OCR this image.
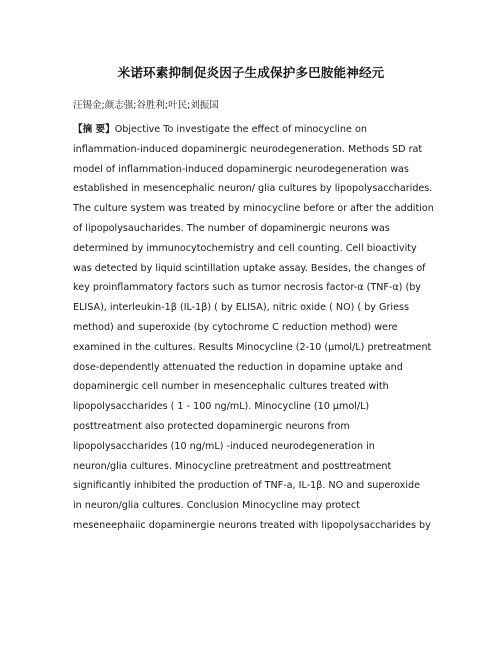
米诺环素抑制促炎因子生成保护多巴胺能神经元
汪锡金;颜志强;谷胜利;叶民;刘振国
【摘 要】Objective To investigate the effect of minocycline on
inflammation-induced dopaminergic neurodegeneration. Methods SD rat
model of inflammation-induced dopaminergic neurodegeneration was
established in mesencephalic neuron/ glia cultures by lipopolysaccharides.
The culture system was treated by minocycline before or after the addition
of lipopolysaucharides. The number of dopaminergic neurons was
determined by immunocytochemistry and cell counting. Cell bioactivity
was detected by liquid scintillation uptake assay. Besides, the changes of
key proinflammatory factors such as tumor necrosis factor-α (TNF-α) (by
ELISA), interleukin-1β (IL-1β) ( by ELISA), nitric oxide ( NO) ( by Griess
method) and superoxide (by cytochrome C reduction method) were
examined in the cultures. Results Minocycline (2-10 (μmol/L) pretreatment
dose-dependently attenuated the reduction in dopamine uptake and
dopaminergic cell number in mesencephalic cultures treated with
lipopolysaccharides ( 1 - 100 ng/mL). Minocycline (10 μmol/L)
posttreatment also protected dopaminergic neurons from
lipopolysaccharides (10 ng/mL) -induced neurodegeneration in
neuron/glia cultures. Minocycline pretreatment and posttreatment
significantly inhibited the production of TNF-a, IL-1β. NO and superoxide
in neuron/glia cultures. Conclusion Minocycline may protect
meseneephaiic dopaminergie neurons treated with lipopolysaccharides by
